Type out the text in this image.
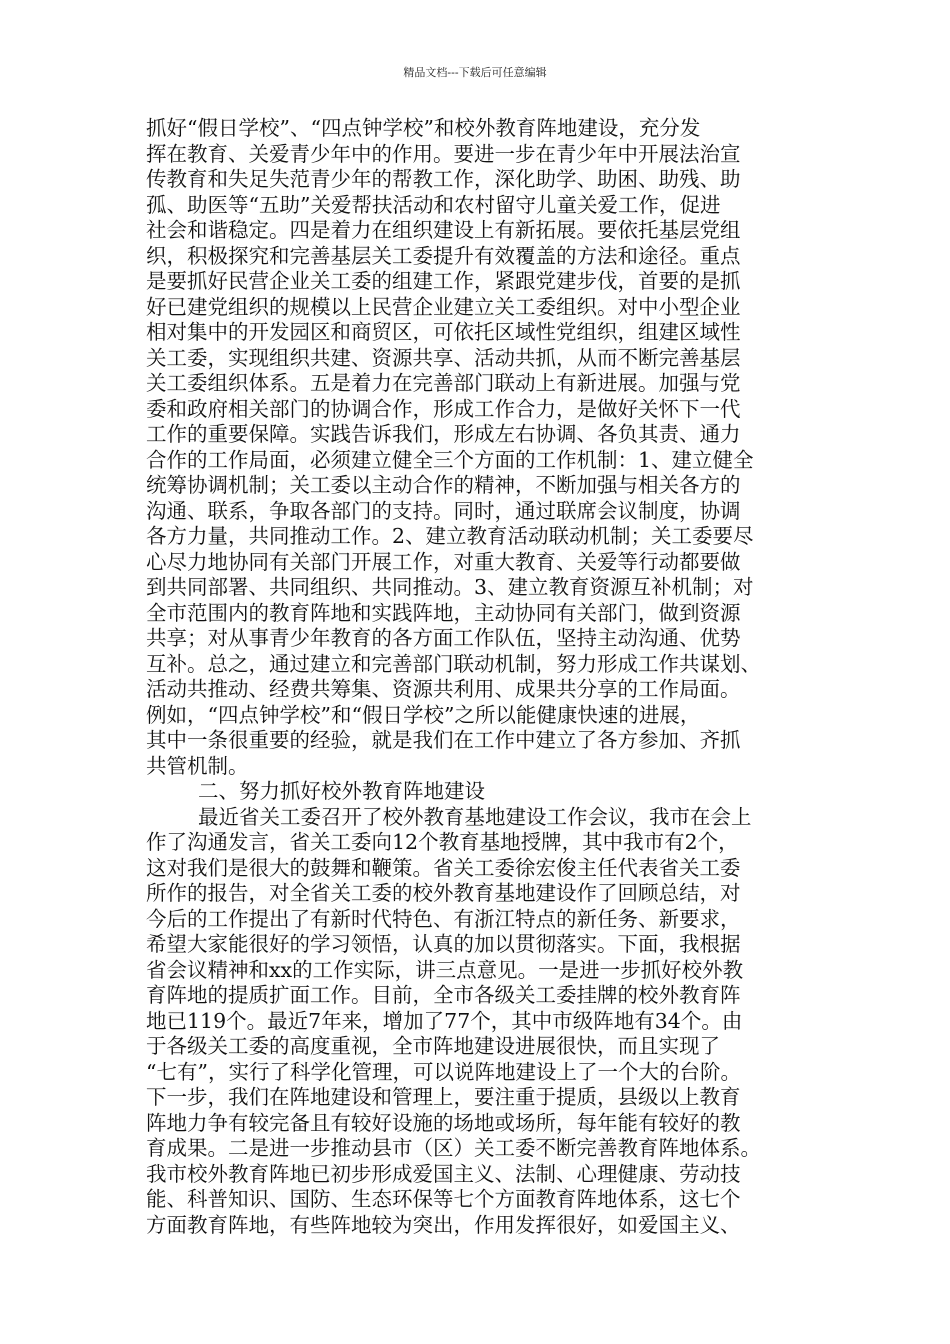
精品文档---下载后可任意编辑
抓好“假日学校”、“四点钟学校”和校外教育阵地建设，充分发
挥在教育、关爱青少年中的作用。要进一步在青少年中开展法治宣
传教育和失足失范青少年的帮教工作，深化助学、助困、助残、助
孤、助医等“五助”关爱帮扶活动和农村留守儿童关爱工作，促进
社会和谐稳定。四是着力在组织建设上有新拓展。要依托基层党组
织，积极探究和完善基层关工委提升有效覆盖的方法和途径。重点
是要抓好民营企业关工委的组建工作，紧跟党建步伐，首要的是抓
好已建党组织的规模以上民营企业建立关工委组织。对中小型企业
相对集中的开发园区和商贸区，可依托区域性党组织，组建区域性
关工委，实现组织共建、资源共享、活动共抓，从而不断完善基层
关工委组织体系。五是着力在完善部门联动上有新进展。加强与党
委和政府相关部门的协调合作，形成工作合力，是做好关怀下一代
工作的重要保障。实践告诉我们，形成左右协调、各负其责、通力
合作的工作局面，必须建立健全三个方面的工作机制：1、建立健全
统筹协调机制；关工委以主动合作的精神，不断加强与相关各方的
沟通、联系，争取各部门的支持。同时，通过联席会议制度，协调
各方力量，共同推动工作。2、建立教育活动联动机制；关工委要尽
心尽力地协同有关部门开展工作，对重大教育、关爱等行动都要做
到共同部署、共同组织、共同推动。3、建立教育资源互补机制；对
全市范围内的教育阵地和实践阵地，主动协同有关部门，做到资源
共享；对从事青少年教育的各方面工作队伍，坚持主动沟通、优势
互补。总之，通过建立和完善部门联动机制，努力形成工作共谋划、
活动共推动、经费共筹集、资源共利用、成果共分享的工作局面。
例如，“四点钟学校”和“假日学校”之所以能健康快速的进展，
其中一条很重要的经验，就是我们在工作中建立了各方参加、齐抓
共管机制。
二、努力抓好校外教育阵地建设
最近省关工委召开了校外教育基地建设工作会议，我市在会上
作了沟通发言，省关工委向12个教育基地授牌，其中我市有2个，
这对我们是很大的鼓舞和鞭策。省关工委徐宏俊主任代表省关工委
所作的报告，对全省关工委的校外教育基地建设作了回顾总结，对
今后的工作提出了有新时代特色、有浙江特点的新任务、新要求，
希望大家能很好的学习领悟，认真的加以贯彻落实。下面，我根据
省会议精神和xx的工作实际，讲三点意见。一是进一步抓好校外教
育阵地的提质扩面工作。目前，全市各级关工委挂牌的校外教育阵
地已119个。最近7年来，增加了77个，其中市级阵地有34个。由
于各级关工委的高度重视，全市阵地建设进展很快，而且实现了
“七有”，实行了科学化管理，可以说阵地建设上了一个大的台阶。
下一步，我们在阵地建设和管理上，要注重于提质，县级以上教育
阵地力争有较完备且有较好设施的场地或场所，每年能有较好的教
育成果。二是进一步推动县市（区）关工委不断完善教育阵地体系。
我市校外教育阵地已初步形成爱国主义、法制、心理健康、劳动技
能、科普知识、国防、生态环保等七个方面教育阵地体系，这七个
方面教育阵地，有些阵地较为突出，作用发挥很好，如爱国主义、
